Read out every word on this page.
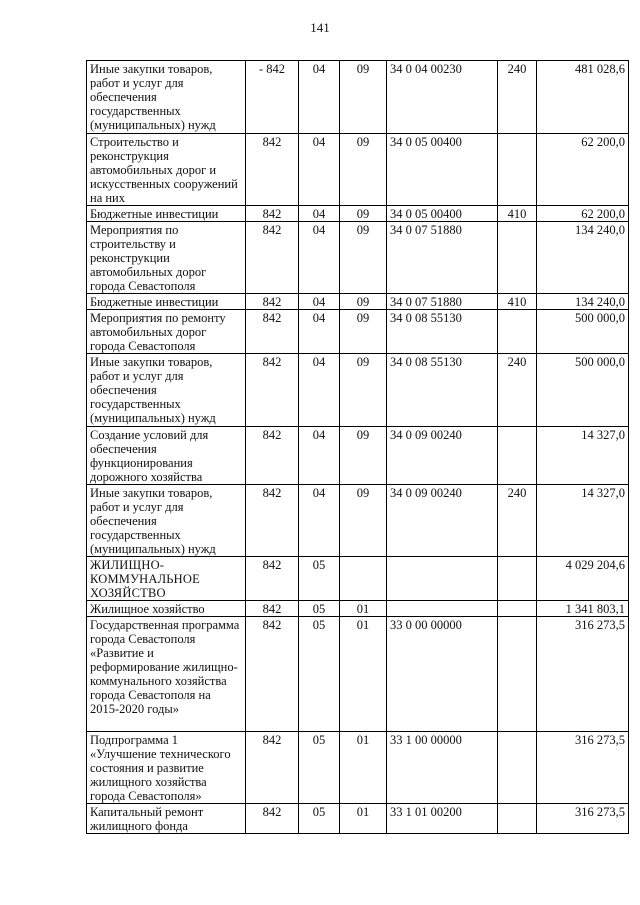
141
Иные закупки товаров, работ и услуг для обеспечения государственных (муниципальных) нужд	- 842	04	09	34 0 04 00230	240	481 028,6
Строительство и реконструкция автомобильных дорог и искусственных сооружений на них	842	04	09	34 0 05 00400		62 200,0
Бюджетные инвестиции	842	04	09	34 0 05 00400	410	62 200,0
Мероприятия по строительству и реконструкции автомобильных дорог города Севастополя	842	04	09	34 0 07 51880		134 240,0
Бюджетные инвестиции	842	04	09	34 0 07 51880	410	134 240,0
Мероприятия по ремонту автомобильных дорог города Севастополя	842	04	09	34 0 08 55130		500 000,0
Иные закупки товаров, работ и услуг для обеспечения государственных (муниципальных) нужд	842	04	09	34 0 08 55130	240	500 000,0
Создание условий для обеспечения функционирования дорожного хозяйства	842	04	09	34 0 09 00240		14 327,0
Иные закупки товаров, работ и услуг для обеспечения государственных (муниципальных) нужд	842	04	09	34 0 09 00240	240	14 327,0
ЖИЛИЩНО-КОММУНАЛЬНОЕ ХОЗЯЙСТВО	842	05				4 029 204,6
Жилищное хозяйство	842	05	01			1 341 803,1
Государственная программа города Севастополя «Развитие и реформирование жилищно-коммунального хозяйства города Севастополя на 2015-2020 годы»	842	05	01	33 0 00 00000		316 273,5
Подпрограмма 1 «Улучшение технического состояния и развитие жилищного хозяйства города Севастополя»	842	05	01	33 1 00 00000		316 273,5
Капитальный ремонт жилищного фонда	842	05	01	33 1 01 00200		316 273,5
